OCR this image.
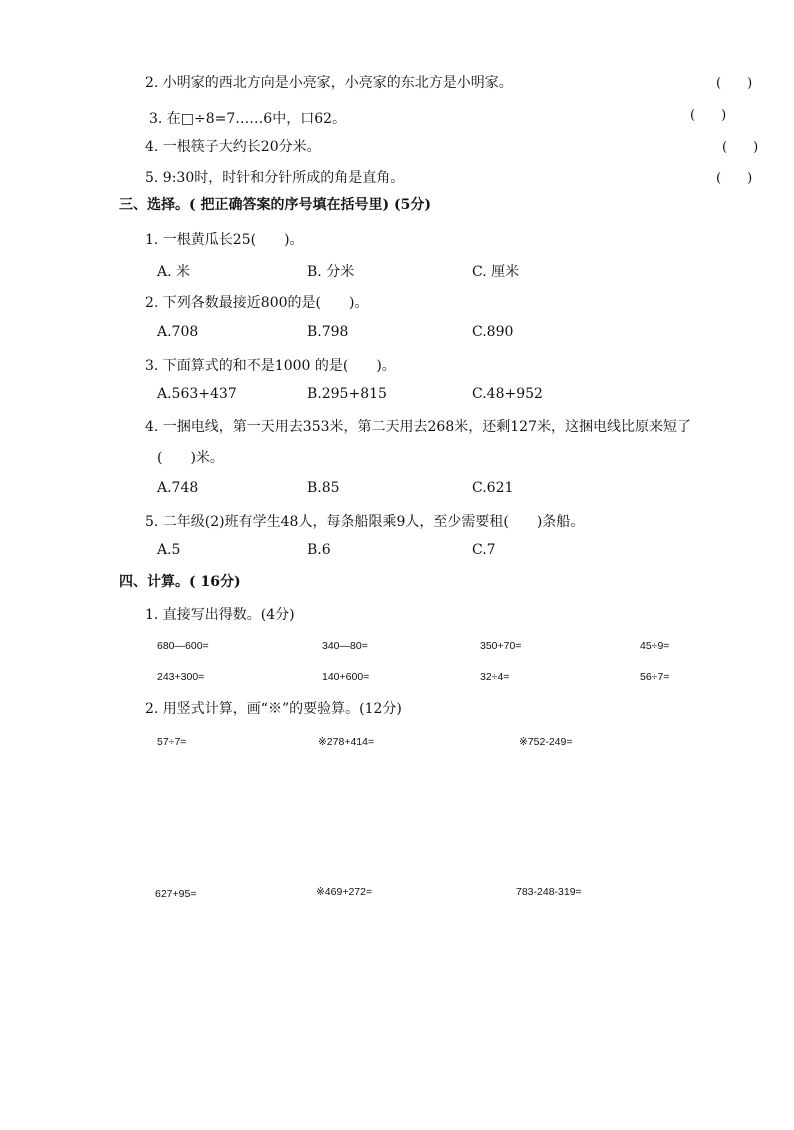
2. 小明家的西北方向是小亮家，小亮家的东北方是小明家。	(　　)
3. 在□÷8=7……6中，口62。	(　　)
4. 一根筷子大约长20分米。	(　　)
5. 9:30时，时针和分针所成的角是直角。	(　　)
三、选择。( 把正确答案的序号填在括号里) (5分)
1. 一根黄瓜长25(　　)。
A. 米	B. 分米	C. 厘米
2. 下列各数最接近800的是(　　)。
A.708	B.798	C.890
3. 下面算式的和不是1000 的是(　　)。
A.563+437	B.295+815	C.48+952
4. 一捆电线，第一天用去353米，第二天用去268米，还剩127米，这捆电线比原来短了
(　　)米。
A.748	B.85	C.621
5. 二年级(2)班有学生48人，每条船限乘9人，至少需要租(　　)条船。
A.5	B.6	C.7
四、计算。( 16分)
1. 直接写出得数。(4分)
680—600=	340—80=	350+70=	45÷9=
243+300=	140+600=	32÷4=	56÷7=
2. 用竖式计算，画“※”的要验算。(12分)
57÷7=	※278+414=	※752-249=
627+95=	※469+272=	783-248-319=
